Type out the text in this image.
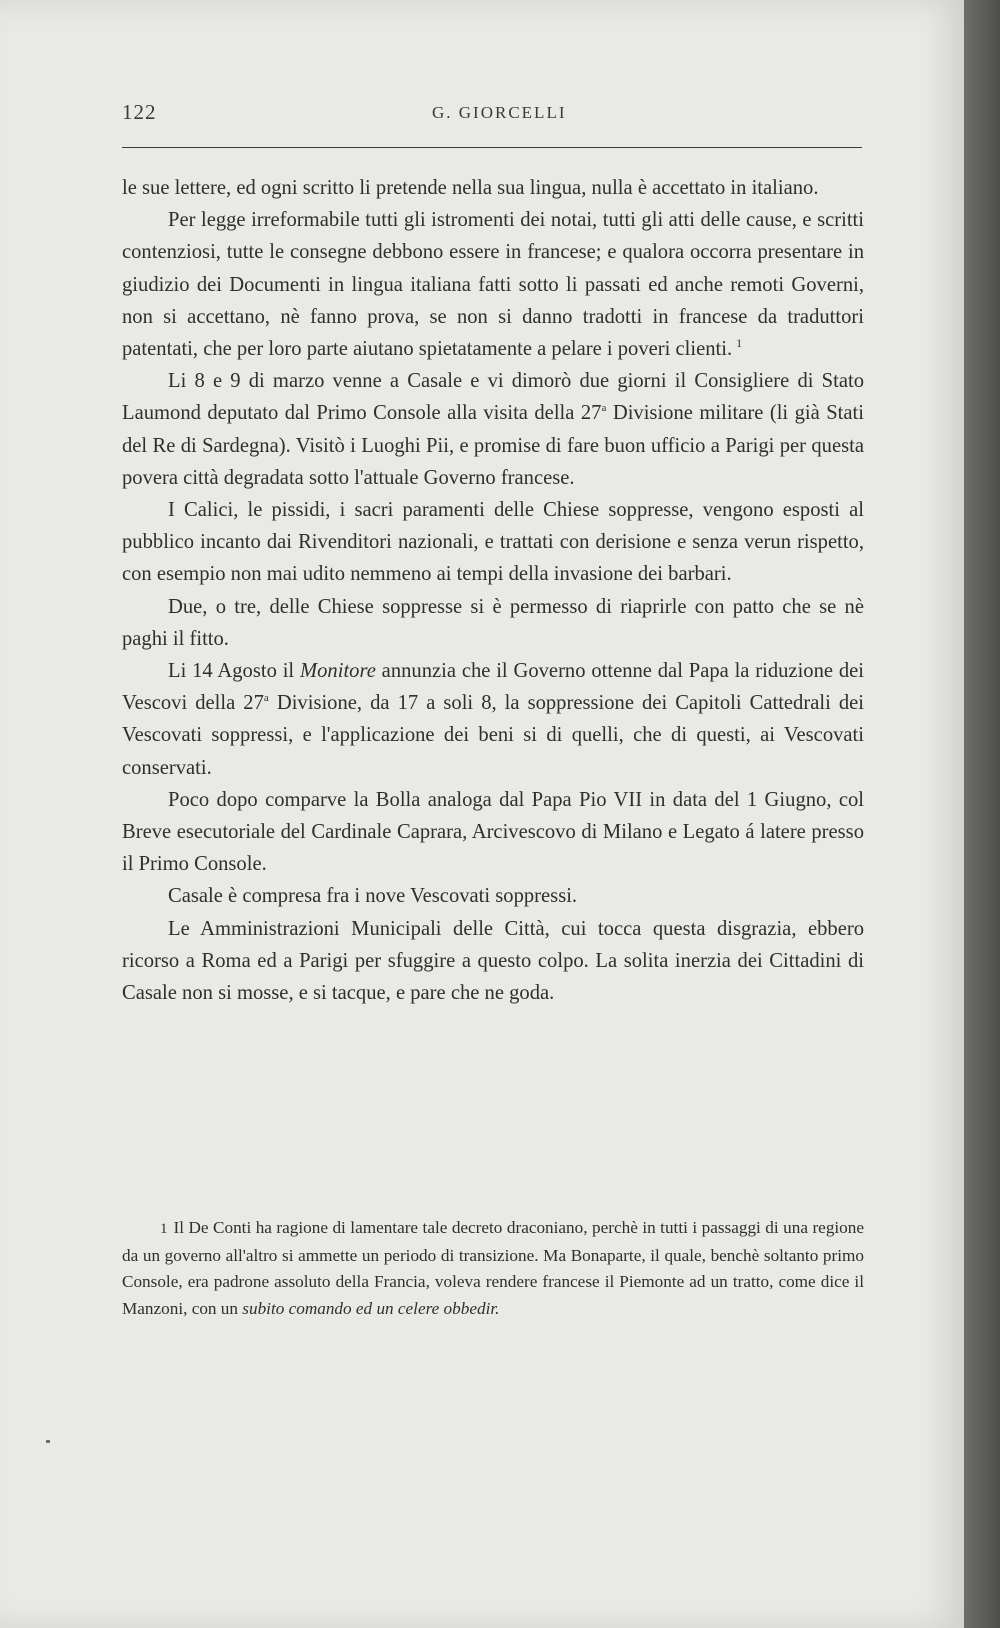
122	G. GIORCELLI

le sue lettere, ed ogni scritto li pretende nella sua lingua, nulla è accettato in italiano.

Per legge irreformabile tutti gli istromenti dei notai, tutti gli atti delle cause, e scritti contenziosi, tutte le consegne debbono essere in francese; e qualora occorra presentare in giudizio dei Documenti in lingua italiana fatti sotto li passati ed anche remoti Governi, non si accettano, nè fanno prova, se non si danno tradotti in francese da traduttori patentati, che per loro parte aiutano spietatamente a pelare i poveri clienti. $^1$

Li 8 e 9 di marzo venne a Casale e vi dimorò due giorni il Consigliere di Stato Laumond deputato dal Primo Console alla visita della 27$^a$ Divisione militare (li già Stati del Re di Sardegna). Visitò i Luoghi Pii, e promise di fare buon ufficio a Parigi per questa povera città degradata sotto l'attuale Governo francese.

I Calici, le pissidi, i sacri paramenti delle Chiese soppresse, vengono esposti al pubblico incanto dai Rivenditori nazionali, e trattati con derisione e senza verun rispetto, con esempio non mai udito nemmeno ai tempi della invasione dei barbari.

Due, o tre, delle Chiese soppresse si è permesso di riaprirle con patto che se nè paghi il fitto.

Li 14 Agosto il Monitore annunzia che il Governo ottenne dal Papa la riduzione dei Vescovi della 27$^a$ Divisione, da 17 a soli 8, la soppressione dei Capitoli Cattedrali dei Vescovati soppressi, e l'applicazione dei beni si di quelli, che di questi, ai Vescovati conservati.

Poco dopo comparve la Bolla analoga dal Papa Pio VII in data del 1 Giugno, col Breve esecutoriale del Cardinale Caprara, Arcivescovo di Milano e Legato á latere presso il Primo Console.

Casale è compresa fra i nove Vescovati soppressi.

Le Amministrazioni Municipali delle Città, cui tocca questa disgrazia, ebbero ricorso a Roma ed a Parigi per sfuggire a questo colpo. La solita inerzia dei Cittadini di Casale non si mosse, e si tacque, e pare che ne goda.

1 Il De Conti ha ragione di lamentare tale decreto draconiano, perchè in tutti i passaggi di una regione da un governo all'altro si ammette un periodo di transizione. Ma Bonaparte, il quale, benchè soltanto primo Console, era padrone assoluto della Francia, voleva rendere francese il Piemonte ad un tratto, come dice il Manzoni, con un subito comando ed un celere obbedir.
